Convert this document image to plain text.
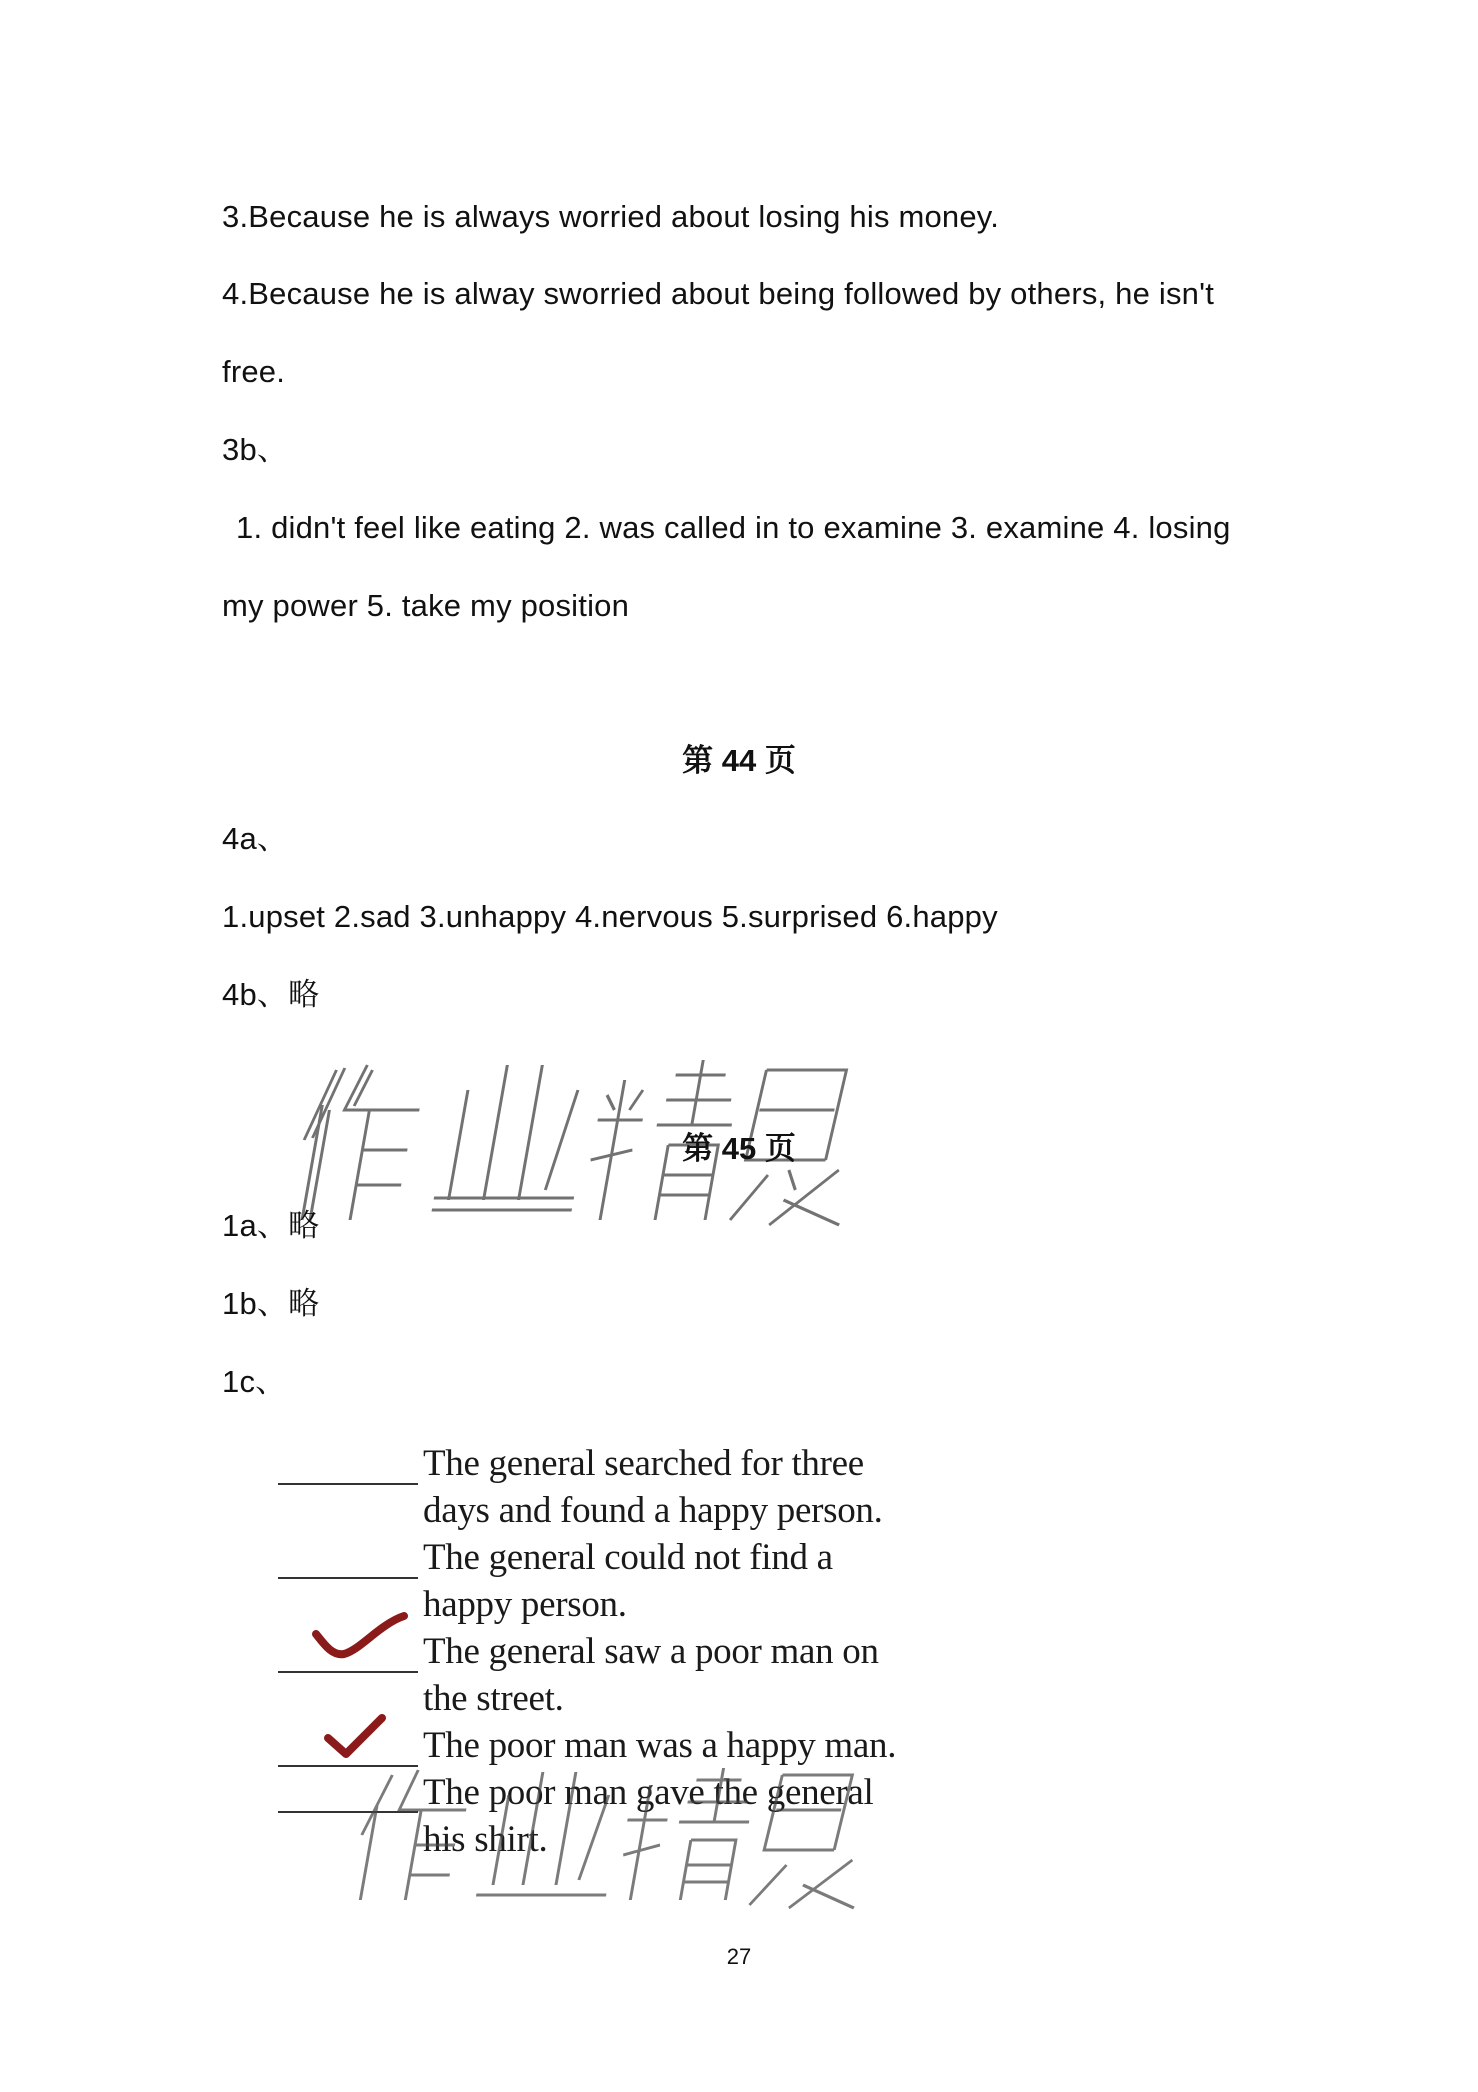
3.Because he is always worried about losing his money.
4.Because he is alway sworried about being followed by others, he isn't
free.
3b、
1. didn't feel like eating 2. was called in to examine 3. examine 4. losing
my power 5. take my position
第 44 页
4a、
1.upset 2.sad 3.unhappy 4.nervous 5.surprised 6.happy
4b、略
第 45 页
1a、略
1b、略
1c、
The general searched for three
days and found a happy person.
The general could not find a
happy person.
The general saw a poor man on
the street.
The poor man was a happy man.
The poor man gave the general
his shirt.
27
